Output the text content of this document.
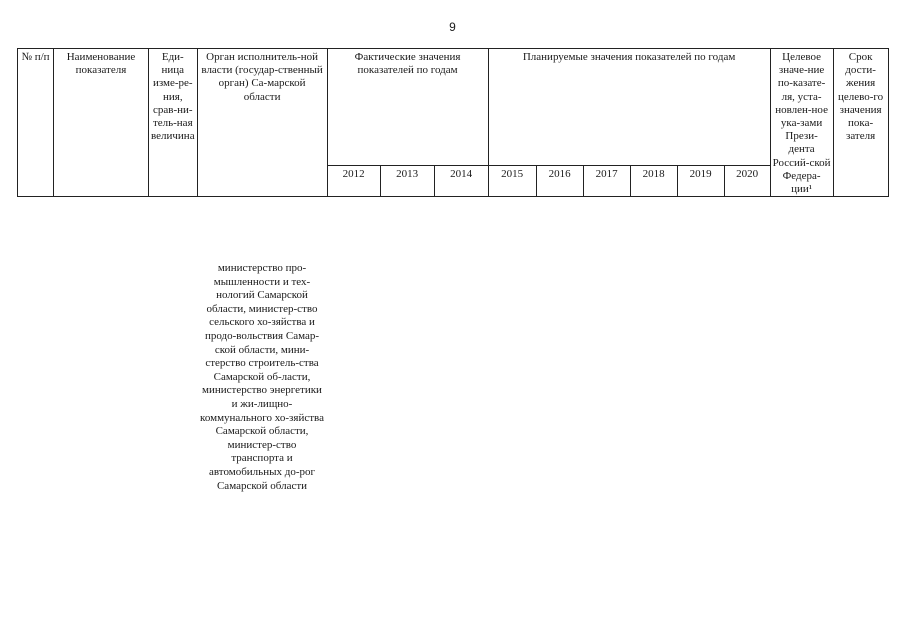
9
№ п/п	Наименование показателя	Еди-ница изме-ре-ния, срав-ни-тель-ная величина	Орган исполнитель-ной власти (государ-ственный орган) Са-марской области	Фактические значения показателей по годам			Планируемые значения показателей по годам						Целевое значе-ние по-казате-ля, уста-новлен-ное ука-зами Прези-дента Россий-ской Федера-ции¹	Срок дости-жения целево-го значения пока-зателя
				2012	2013	2014	2015	2016	2017	2018	2019	2020		
министерство про-мышленности и тех-нологий Самарской области, министер-ство сельского хо-зяйства и продо-вольствия Самар-ской области, мини-стерство строитель-ства Самарской об-ласти, министерство энергетики и жи-лищно-коммунального хо-зяйства Самарской области, министер-ство транспорта и автомобильных до-рог Самарской области
